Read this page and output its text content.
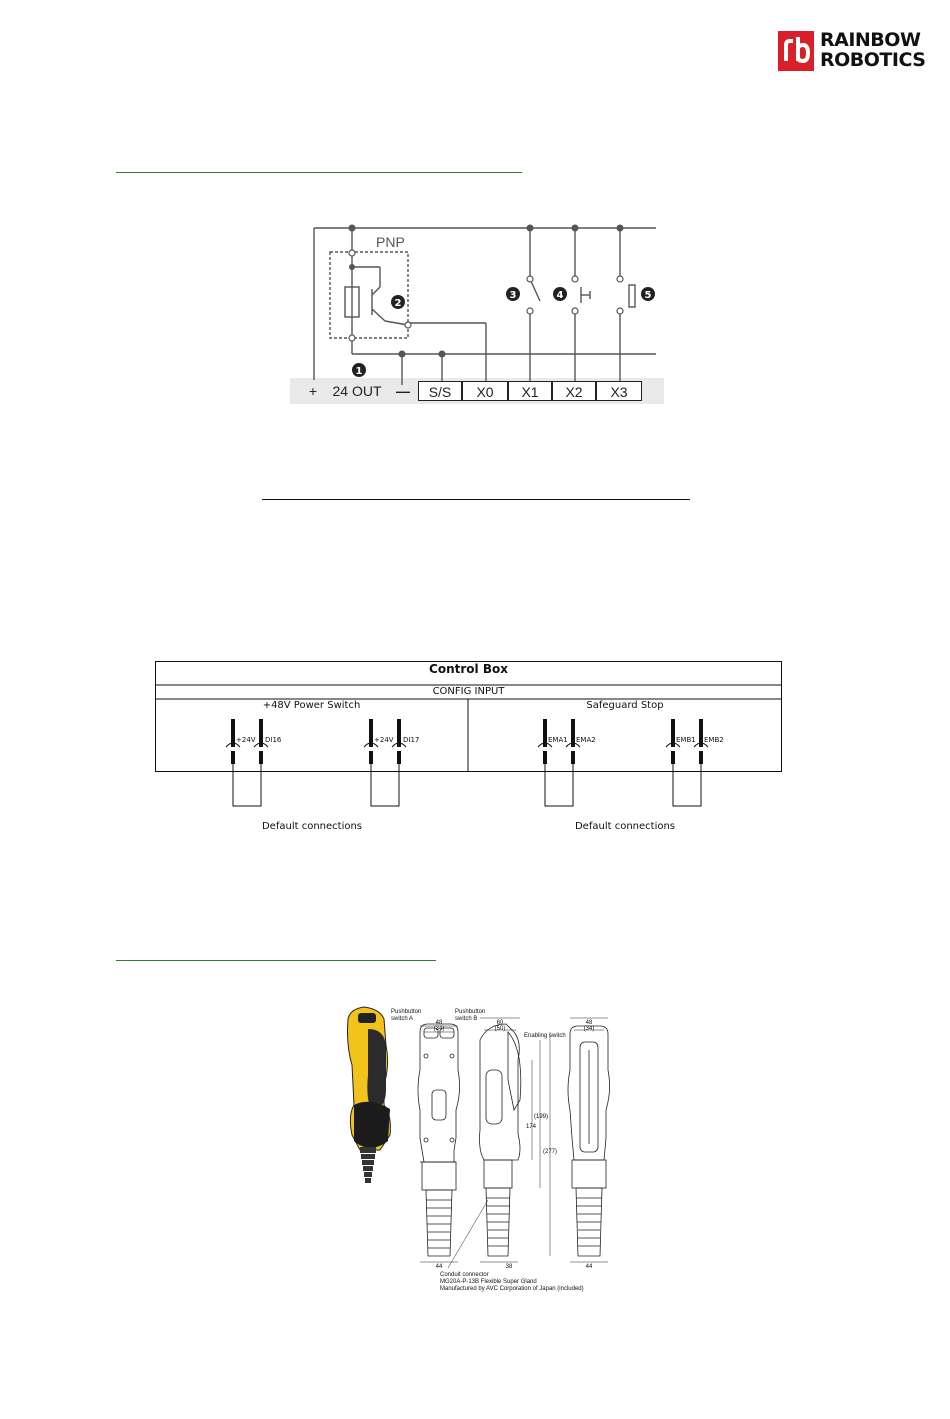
RAINBOW
ROBOTICS
1
2
3	4	5
PNP
+	24 OUT	—	S/S	X0	X1	X2	X3
Control Box
CONFIG INPUT
+48V Power Switch	Safeguard Stop
+24V DI16	+24V DI17	EMA1 EMA2	EMB1 EMB2
Default connections	Default connections
48
(34)
60
(50)
48
(34)
(199)
174
(277)
44	38	44
Pushbutton
switch A
Pushbutton
switch B
Enabling switch
Conduit connector
MG20A-P-13B Flexible Super Gland
Manufactured by AVC Corporation of Japan (included)
